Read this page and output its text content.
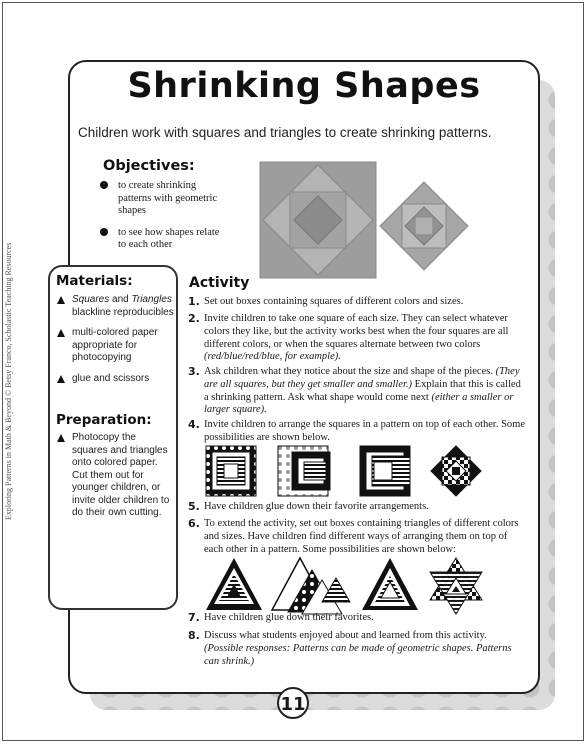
Exploring Patterns in Math & Beyond © Betsy Franco, Scholastic Teaching Resources
Shrinking Shapes
Children work with squares and triangles to create shrinking patterns.
Objectives:
to create shrinking patterns with geometric shapes
to see how shapes relate to each other
Materials:
Squares and Triangles blackline reproducibles
multi-colored paper appropriate for photocopying
glue and scissors
Preparation:
Photocopy the squares and triangles onto colored paper. Cut them out for younger children, or invite older children to do their own cutting.
Activity
1. Set out boxes containing squares of different colors and sizes.
2. Invite children to take one square of each size. They can select whatever colors they like, but the activity works best when the four squares are all different colors, or when the squares alternate between two colors (red/blue/red/blue, for example).
3. Ask children what they notice about the size and shape of the pieces. (They are all squares, but they get smaller and smaller.) Explain that this is called a shrinking pattern. Ask what shape would come next (either a smaller or larger square).
4. Invite children to arrange the squares in a pattern on top of each other. Some possibilities are shown below.
5. Have children glue down their favorite arrangements.
6. To extend the activity, set out boxes containing triangles of different colors and sizes. Have children find different ways of arranging them on top of each other in a pattern. Some possibilities are shown below:
7. Have children glue down their favorites.
8. Discuss what students enjoyed about and learned from this activity. (Possible responses: Patterns can be made of geometric shapes. Patterns can shrink.)
11
